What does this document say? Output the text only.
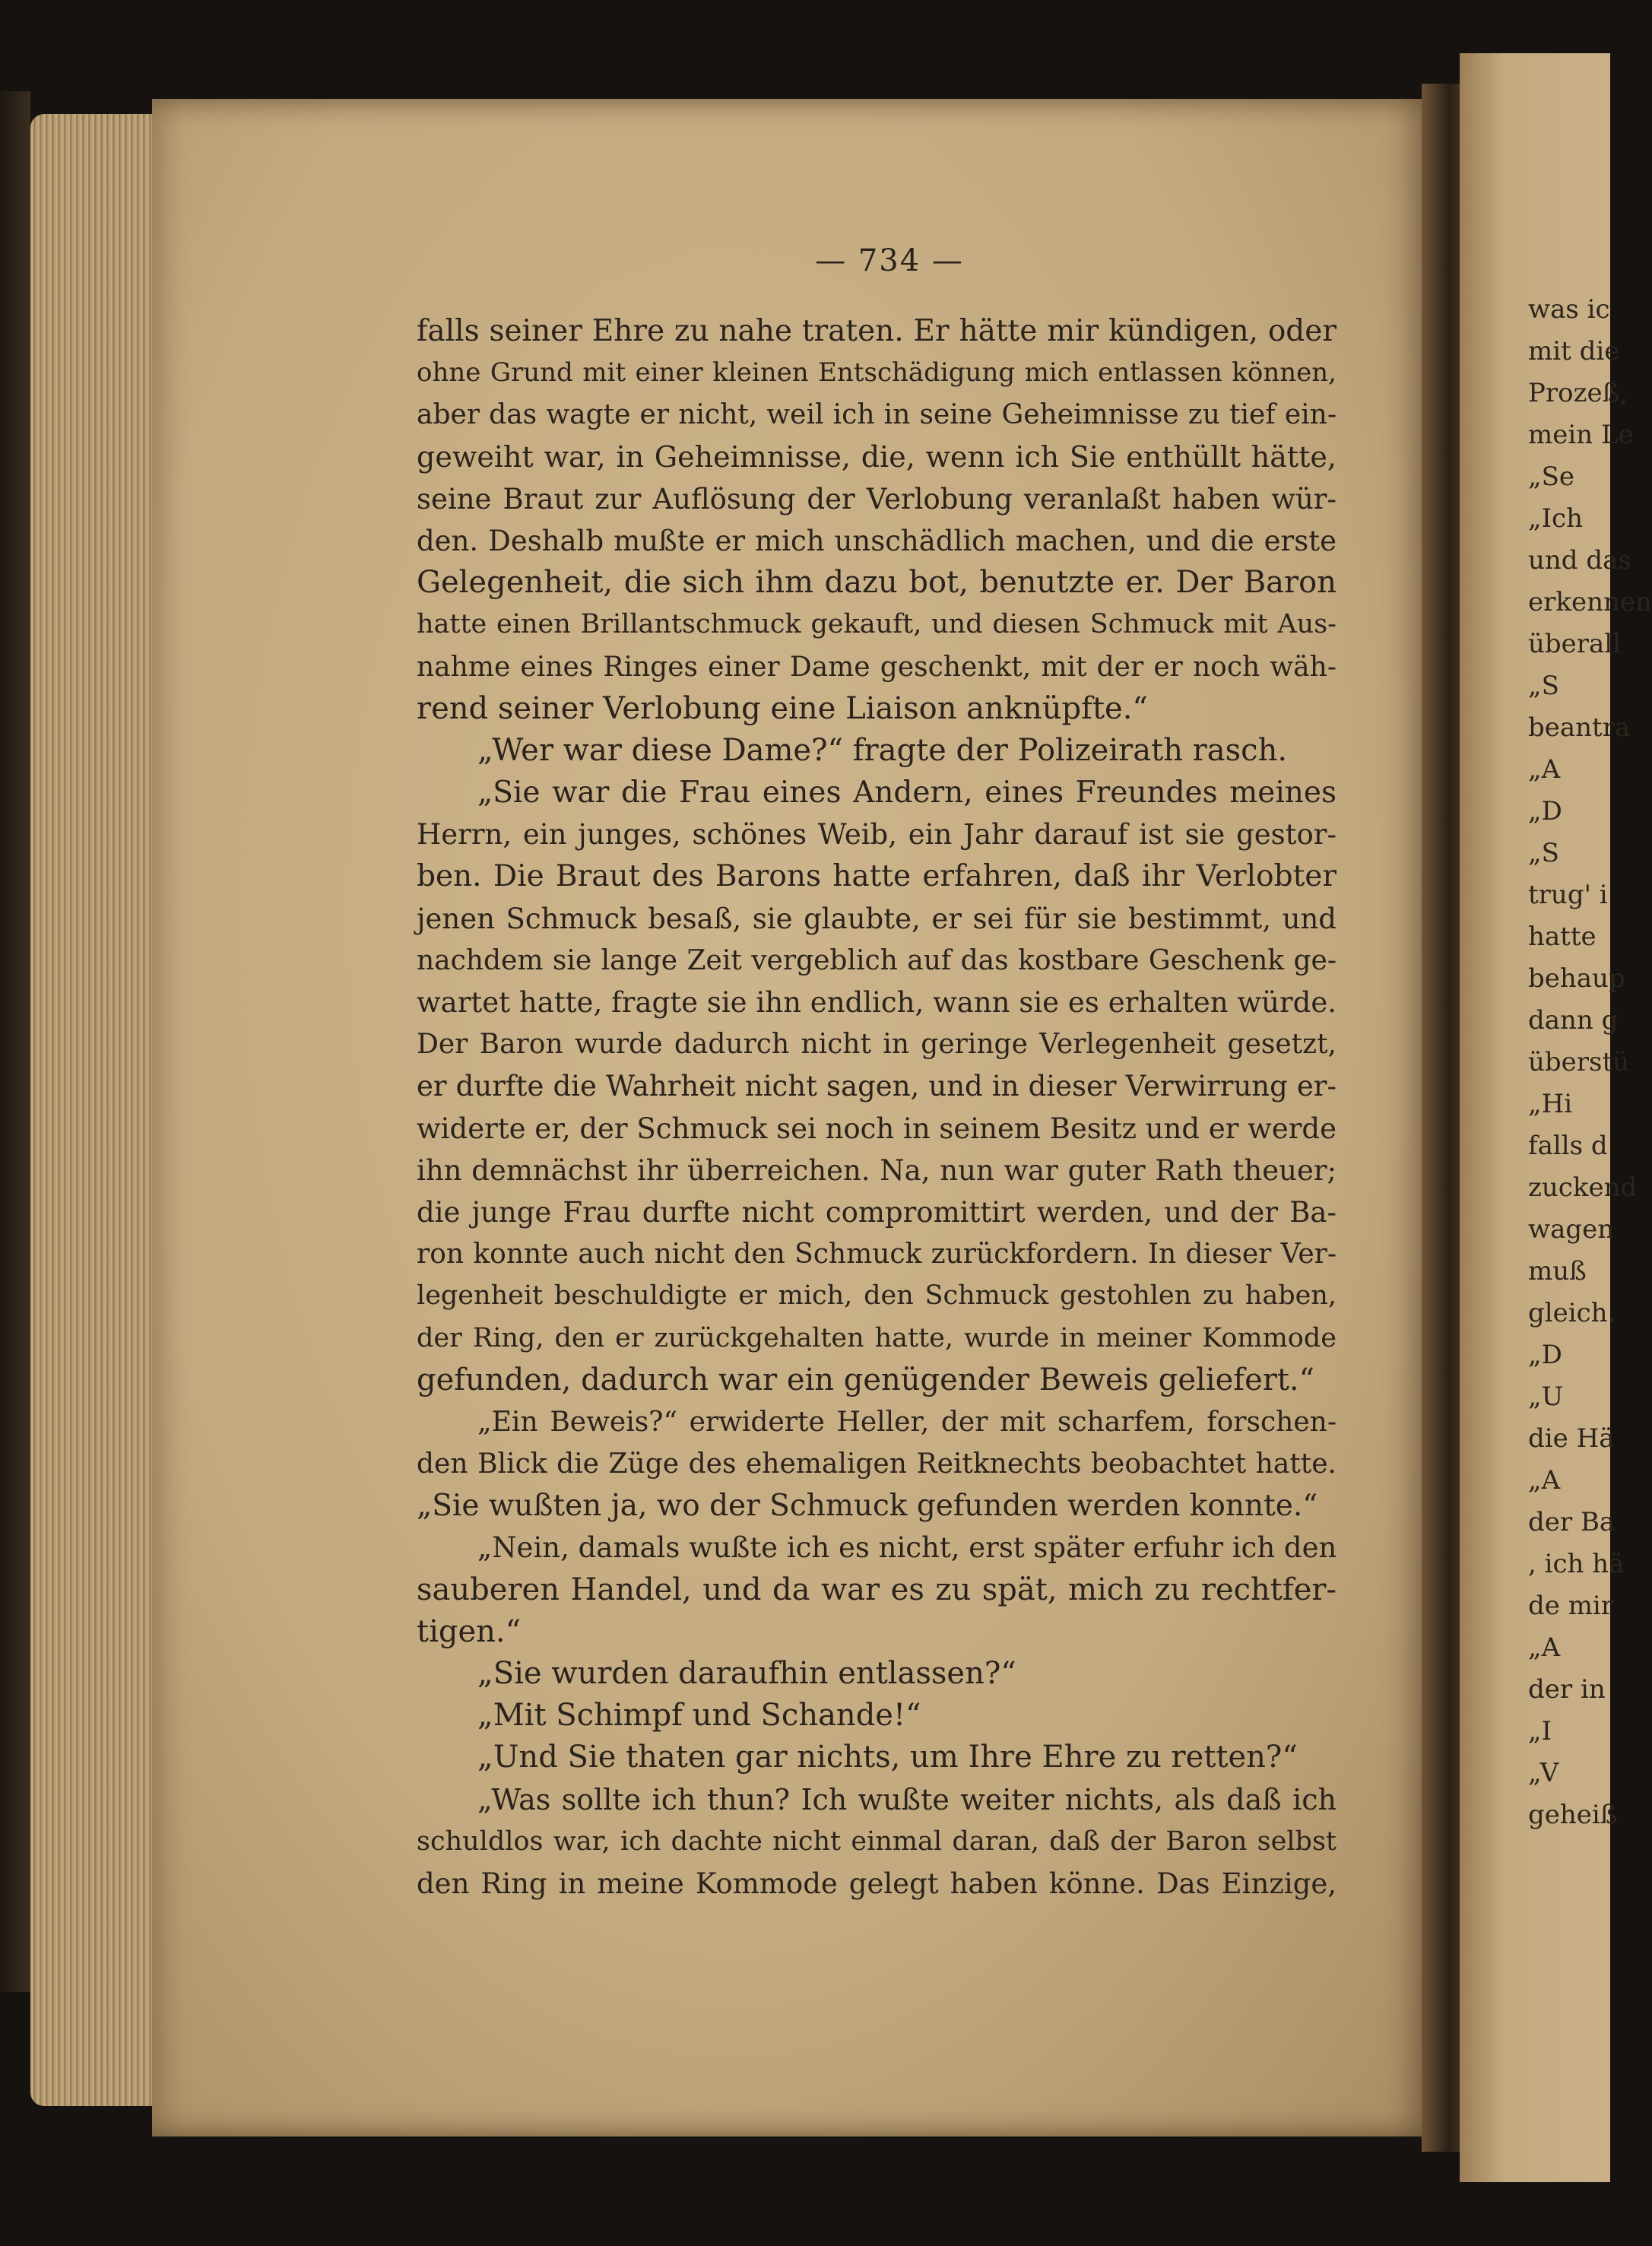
— 734 —
falls seiner Ehre zu nahe traten. Er hätte mir kündigen, oder
ohne Grund mit einer kleinen Entschädigung mich entlassen können,
aber das wagte er nicht, weil ich in seine Geheimnisse zu tief ein-
geweiht war, in Geheimnisse, die, wenn ich Sie enthüllt hätte,
seine Braut zur Auflösung der Verlobung veranlaßt haben wür-
den. Deshalb mußte er mich unschädlich machen, und die erste
Gelegenheit, die sich ihm dazu bot, benutzte er. Der Baron
hatte einen Brillantschmuck gekauft, und diesen Schmuck mit Aus-
nahme eines Ringes einer Dame geschenkt, mit der er noch wäh-
rend seiner Verlobung eine Liaison anknüpfte.“
„Wer war diese Dame?“ fragte der Polizeirath rasch.
„Sie war die Frau eines Andern, eines Freundes meines
Herrn, ein junges, schönes Weib, ein Jahr darauf ist sie gestor-
ben. Die Braut des Barons hatte erfahren, daß ihr Verlobter
jenen Schmuck besaß, sie glaubte, er sei für sie bestimmt, und
nachdem sie lange Zeit vergeblich auf das kostbare Geschenk ge-
wartet hatte, fragte sie ihn endlich, wann sie es erhalten würde.
Der Baron wurde dadurch nicht in geringe Verlegenheit gesetzt,
er durfte die Wahrheit nicht sagen, und in dieser Verwirrung er-
widerte er, der Schmuck sei noch in seinem Besitz und er werde
ihn demnächst ihr überreichen. Na, nun war guter Rath theuer;
die junge Frau durfte nicht compromittirt werden, und der Ba-
ron konnte auch nicht den Schmuck zurückfordern. In dieser Ver-
legenheit beschuldigte er mich, den Schmuck gestohlen zu haben,
der Ring, den er zurückgehalten hatte, wurde in meiner Kommode
gefunden, dadurch war ein genügender Beweis geliefert.“
„Ein Beweis?“ erwiderte Heller, der mit scharfem, forschen-
den Blick die Züge des ehemaligen Reitknechts beobachtet hatte.
„Sie wußten ja, wo der Schmuck gefunden werden konnte.“
„Nein, damals wußte ich es nicht, erst später erfuhr ich den
sauberen Handel, und da war es zu spät, mich zu rechtfer-
tigen.“
„Sie wurden daraufhin entlassen?“
„Mit Schimpf und Schande!“
„Und Sie thaten gar nichts, um Ihre Ehre zu retten?“
„Was sollte ich thun? Ich wußte weiter nichts, als daß ich
schuldlos war, ich dachte nicht einmal daran, daß der Baron selbst
den Ring in meine Kommode gelegt haben könne. Das Einzige,
was ic
mit die
Prozeß,
mein Le
„Se
„Ich
und das
erkennen
überall
„S
beantra
„A
„D
„S
trug' i
hatte
behaup
dann g
überstü
„Hi
falls d
zuckend
wagen
muß
gleich.
„D
„U
die Hä
„A
der Ba
, ich hä
de mir
„A
der in
„I
„V
geheiß
